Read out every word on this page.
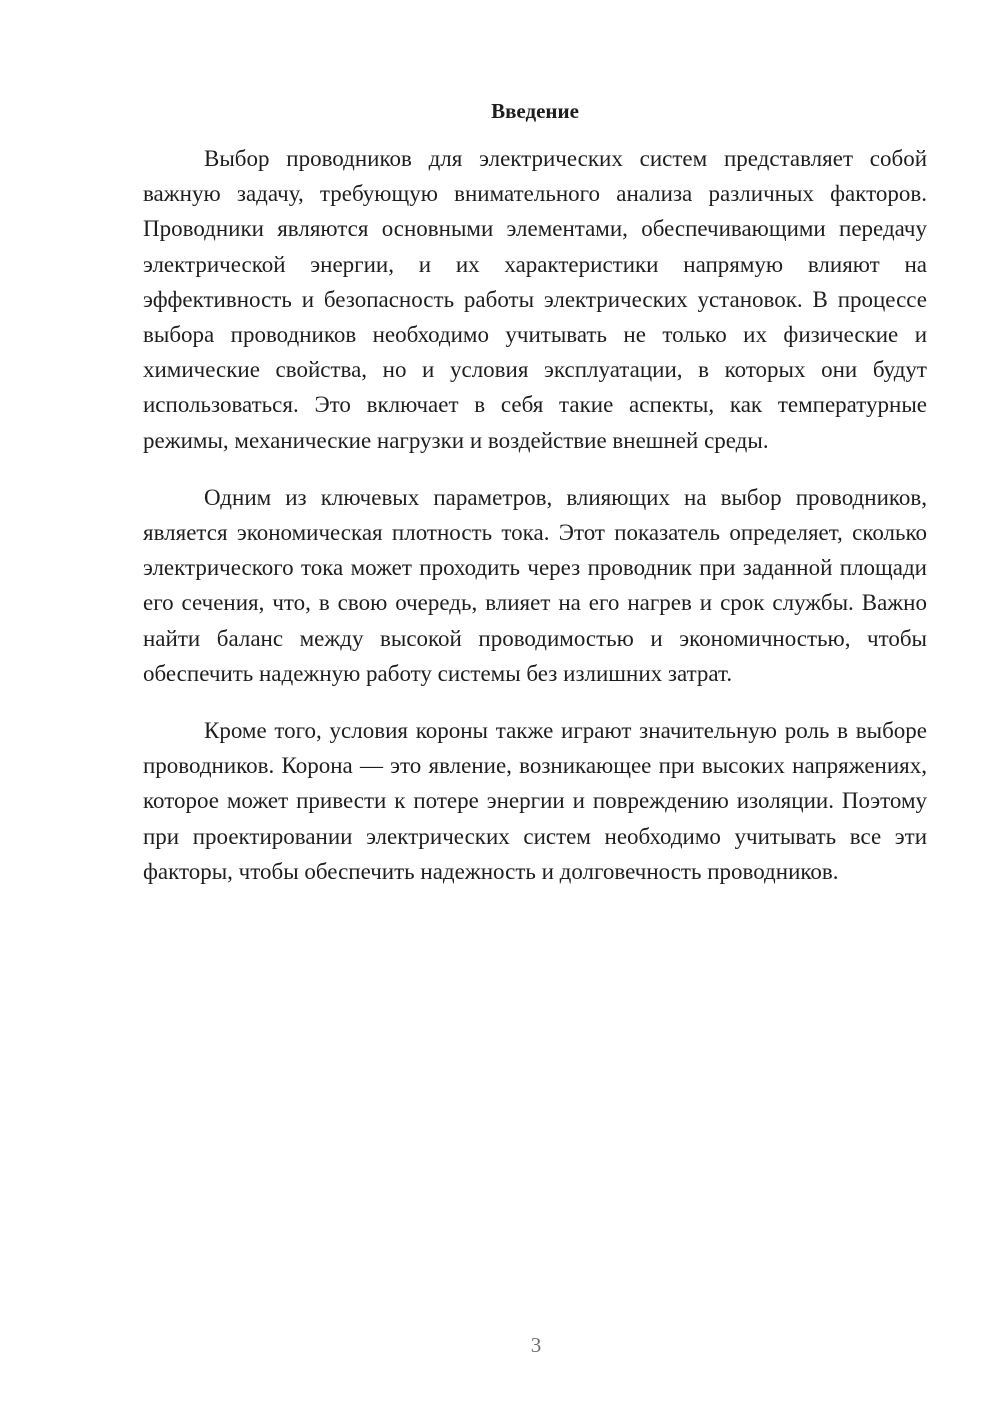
Введение

Выбор проводников для электрических систем представляет собой важную задачу, требующую внимательного анализа различных факторов. Проводники являются основными элементами, обеспечивающими передачу электрической энергии, и их характеристики напрямую влияют на эффективность и безопасность работы электрических установок. В процессе выбора проводников необходимо учитывать не только их физические и химические свойства, но и условия эксплуатации, в которых они будут использоваться. Это включает в себя такие аспекты, как температурные режимы, механические нагрузки и воздействие внешней среды.

Одним из ключевых параметров, влияющих на выбор проводников, является экономическая плотность тока. Этот показатель определяет, сколько электрического тока может проходить через проводник при заданной площади его сечения, что, в свою очередь, влияет на его нагрев и срок службы. Важно найти баланс между высокой проводимостью и экономичностью, чтобы обеспечить надежную работу системы без излишних затрат.

Кроме того, условия короны также играют значительную роль в выборе проводников. Корона — это явление, возникающее при высоких напряжениях, которое может привести к потере энергии и повреждению изоляции. Поэтому при проектировании электрических систем необходимо учитывать все эти факторы, чтобы обеспечить надежность и долговечность проводников.

3
